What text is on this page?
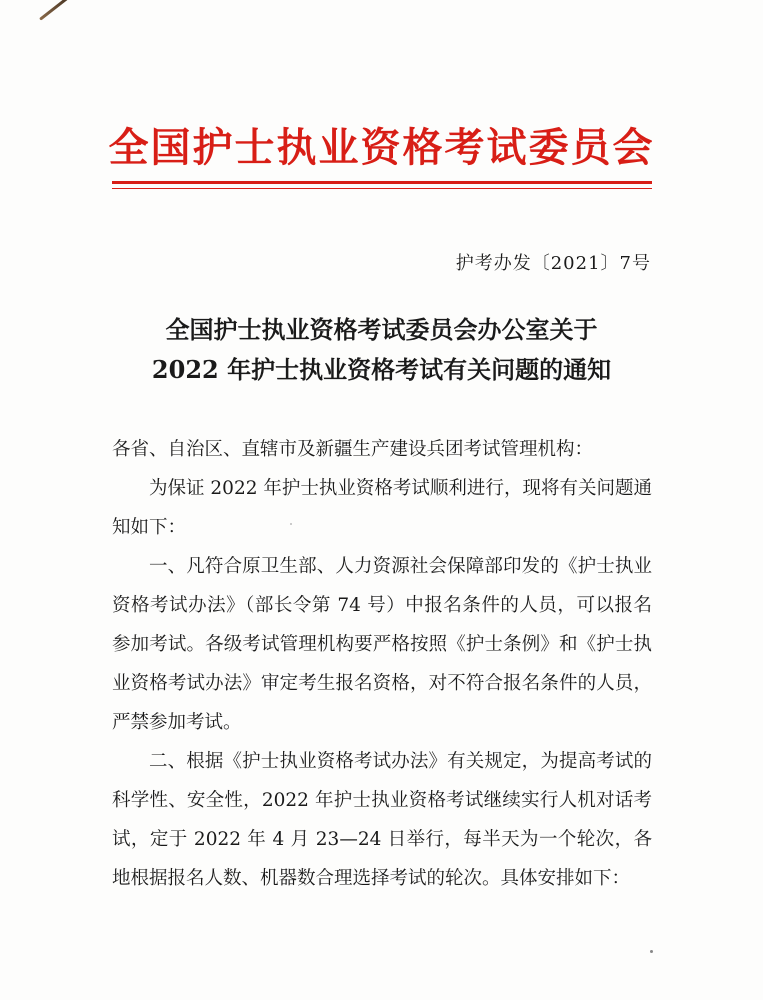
全国护士执业资格考试委员会
护考办发〔2021〕7号
全国护士执业资格考试委员会办公室关于
2022 年护士执业资格考试有关问题的通知

各省、自治区、直辖市及新疆生产建设兵团考试管理机构：

为保证 2022 年护士执业资格考试顺利进行，现将有关问题通知如下：

一、凡符合原卫生部、人力资源社会保障部印发的《护士执业资格考试办法》（部长令第 74 号）中报名条件的人员，可以报名参加考试。各级考试管理机构要严格按照《护士条例》和《护士执业资格考试办法》审定考生报名资格，对不符合报名条件的人员，严禁参加考试。

二、根据《护士执业资格考试办法》有关规定，为提高考试的科学性、安全性，2022 年护士执业资格考试继续实行人机对话考试，定于 2022 年 4 月 23—24 日举行，每半天为一个轮次，各地根据报名人数、机器数合理选择考试的轮次。具体安排如下：
